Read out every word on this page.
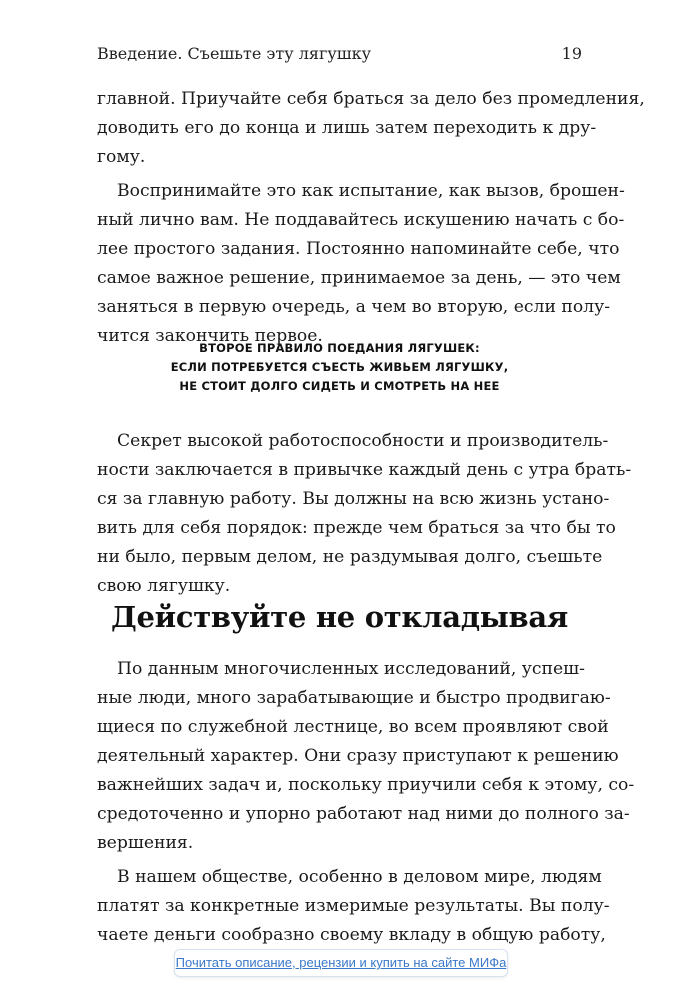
Введение. Съешьте эту лягушку	19
главной. Приучайте себя браться за дело без промедления,
доводить его до конца и лишь затем переходить к дру-
гому.
Воспринимайте это как испытание, как вызов, брошен-
ный лично вам. Не поддавайтесь искушению начать с бо-
лее простого задания. Постоянно напоминайте себе, что
самое важное решение, принимаемое за день, — это чем
заняться в первую очередь, а чем во вторую, если полу-
чится закончить первое.
ВТОРОЕ ПРАВИЛО ПОЕДАНИЯ ЛЯГУШЕК:
ЕСЛИ ПОТРЕБУЕТСЯ СЪЕСТЬ ЖИВЬЕМ ЛЯГУШКУ,
НЕ СТОИТ ДОЛГО СИДЕТЬ И СМОТРЕТЬ НА НЕЕ
Секрет высокой работоспособности и производитель-
ности заключается в привычке каждый день с утра брать-
ся за главную работу. Вы должны на всю жизнь устано-
вить для себя порядок: прежде чем браться за что бы то
ни было, первым делом, не раздумывая долго, съешьте
свою лягушку.
Действуйте не откладывая
По данным многочисленных исследований, успеш-
ные люди, много зарабатывающие и быстро продвигаю-
щиеся по служебной лестнице, во всем проявляют свой
деятельный характер. Они сразу приступают к решению
важнейших задач и, поскольку приучили себя к этому, со-
средоточенно и упорно работают над ними до полного за-
вершения.
В нашем обществе, особенно в деловом мире, людям
платят за конкретные измеримые результаты. Вы полу-
чаете деньги сообразно своему вкладу в общую работу,
Почитать описание, рецензии и купить на сайте МИФа
